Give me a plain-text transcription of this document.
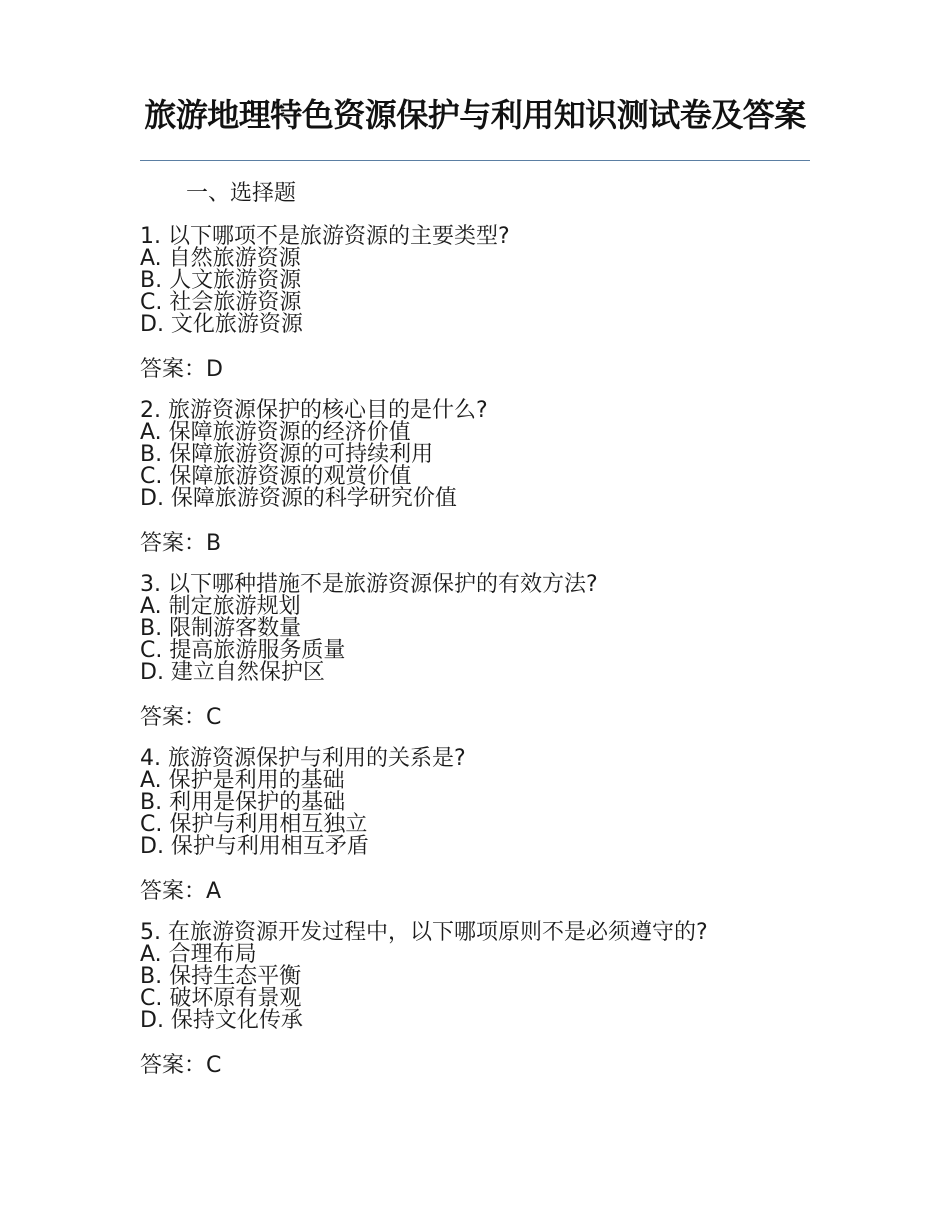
旅游地理特色资源保护与利用知识测试卷及答案
一、选择题
1. 以下哪项不是旅游资源的主要类型?
A. 自然旅游资源
B. 人文旅游资源
C. 社会旅游资源
D. 文化旅游资源
答案：D
2. 旅游资源保护的核心目的是什么?
A. 保障旅游资源的经济价值
B. 保障旅游资源的可持续利用
C. 保障旅游资源的观赏价值
D. 保障旅游资源的科学研究价值
答案：B
3. 以下哪种措施不是旅游资源保护的有效方法?
A. 制定旅游规划
B. 限制游客数量
C. 提高旅游服务质量
D. 建立自然保护区
答案：C
4. 旅游资源保护与利用的关系是?
A. 保护是利用的基础
B. 利用是保护的基础
C. 保护与利用相互独立
D. 保护与利用相互矛盾
答案：A
5. 在旅游资源开发过程中，以下哪项原则不是必须遵守的?
A. 合理布局
B. 保持生态平衡
C. 破坏原有景观
D. 保持文化传承
答案：C
